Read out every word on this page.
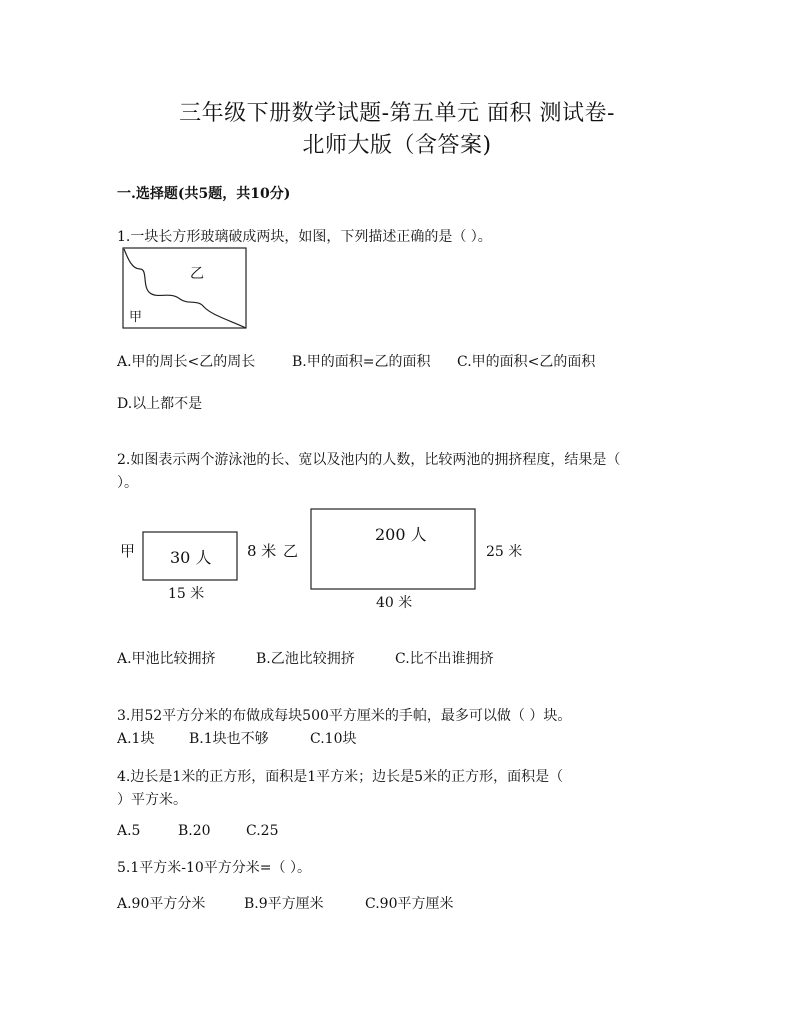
三年级下册数学试题-第五单元 面积 测试卷-
北师大版（含答案)
一.选择题(共5题，共10分)
1.一块长方形玻璃破成两块，如图，下列描述正确的是（ ）。
乙
甲
A.甲的周长<乙的周长	B.甲的面积=乙的面积 C.甲的面积<乙的面积
D.以上都不是
2.如图表示两个游泳池的长、宽以及池内的人数，比较两池的拥挤程度，结果是（
）。
甲 30 人
15 米
8 米 乙
200 人
40 米
25 米
A.甲池比较拥挤	B.乙池比较拥挤	C.比不出谁拥挤
3.用52平方分米的布做成每块500平方厘米的手帕，最多可以做（ ）块。
A.1块 B.1块也不够	C.10块
4.边长是1米的正方形，面积是1平方米；边长是5米的正方形，面积是（
）平方米。
A.5	B.20	C.25
5.1平方米-10平方分米=（ ）。
A.90平方分米	B.9平方厘米	C.90平方厘米
